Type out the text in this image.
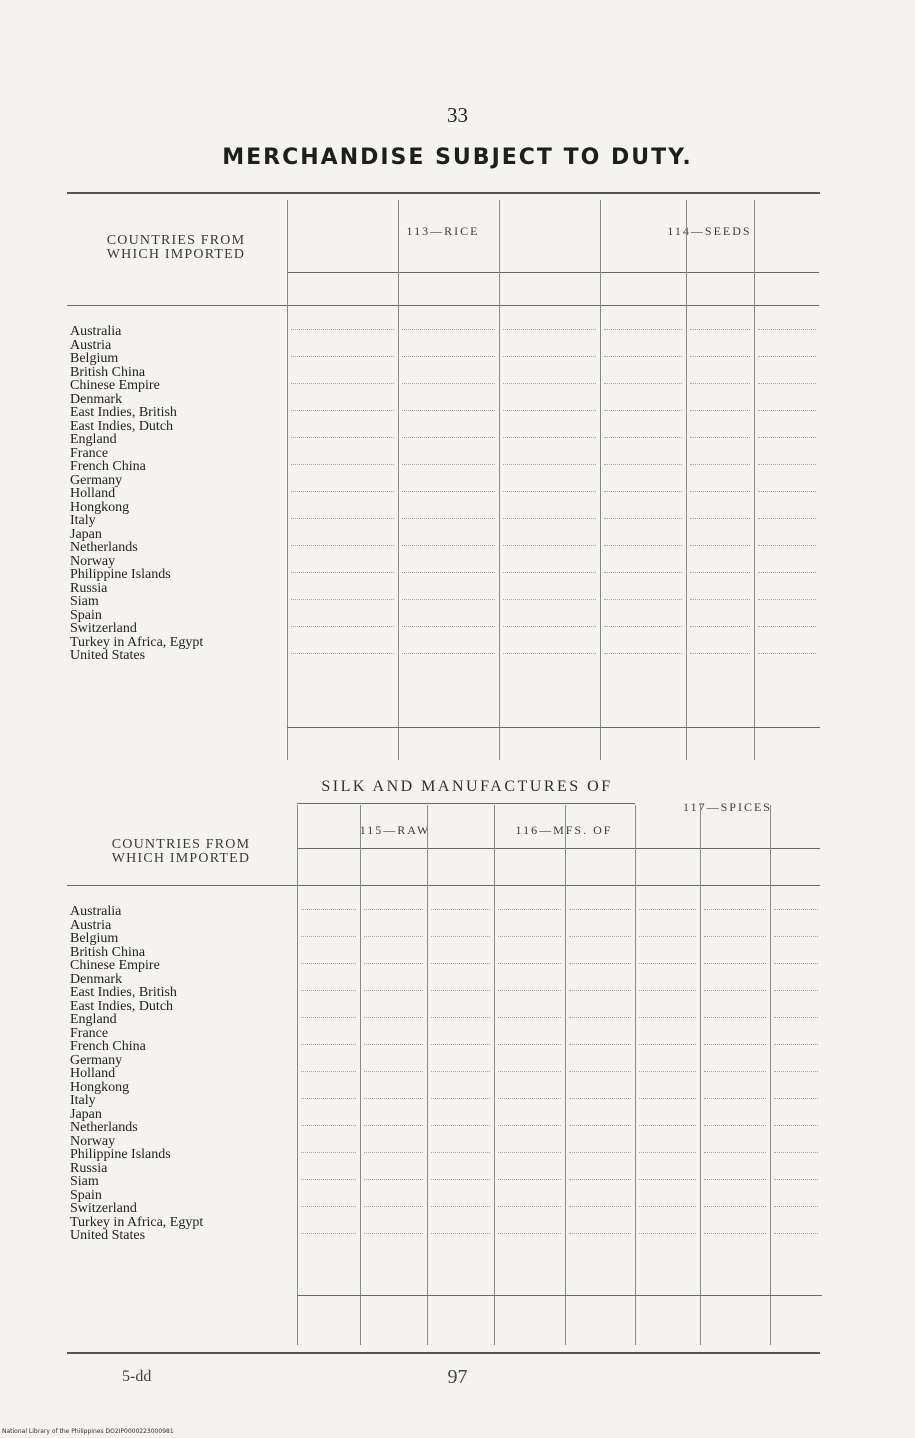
33
MERCHANDISE SUBJECT TO DUTY.
COUNTRIES FROM
WHICH IMPORTED
113—RICE	114—SEEDS
Australia
Austria
Belgium
British China
Chinese Empire
Denmark
East Indies, British
East Indies, Dutch
England
France
French China
Germany
Holland
Hongkong
Italy
Japan
Netherlands
Norway
Philippine Islands
Russia
Siam
Spain
Switzerland
Turkey in Africa, Egypt
United States
SILK AND MANUFACTURES OF
COUNTRIES FROM
WHICH IMPORTED
115—RAW	116—MFS. OF
117—SPICES
Australia
Austria
Belgium
British China
Chinese Empire
Denmark
East Indies, British
East Indies, Dutch
England
France
French China
Germany
Holland
Hongkong
Italy
Japan
Netherlands
Norway
Philippine Islands
Russia
Siam
Spain
Switzerland
Turkey in Africa, Egypt
United States
5-dd	97
National Library of the Philippines DO2IP0000223000981
